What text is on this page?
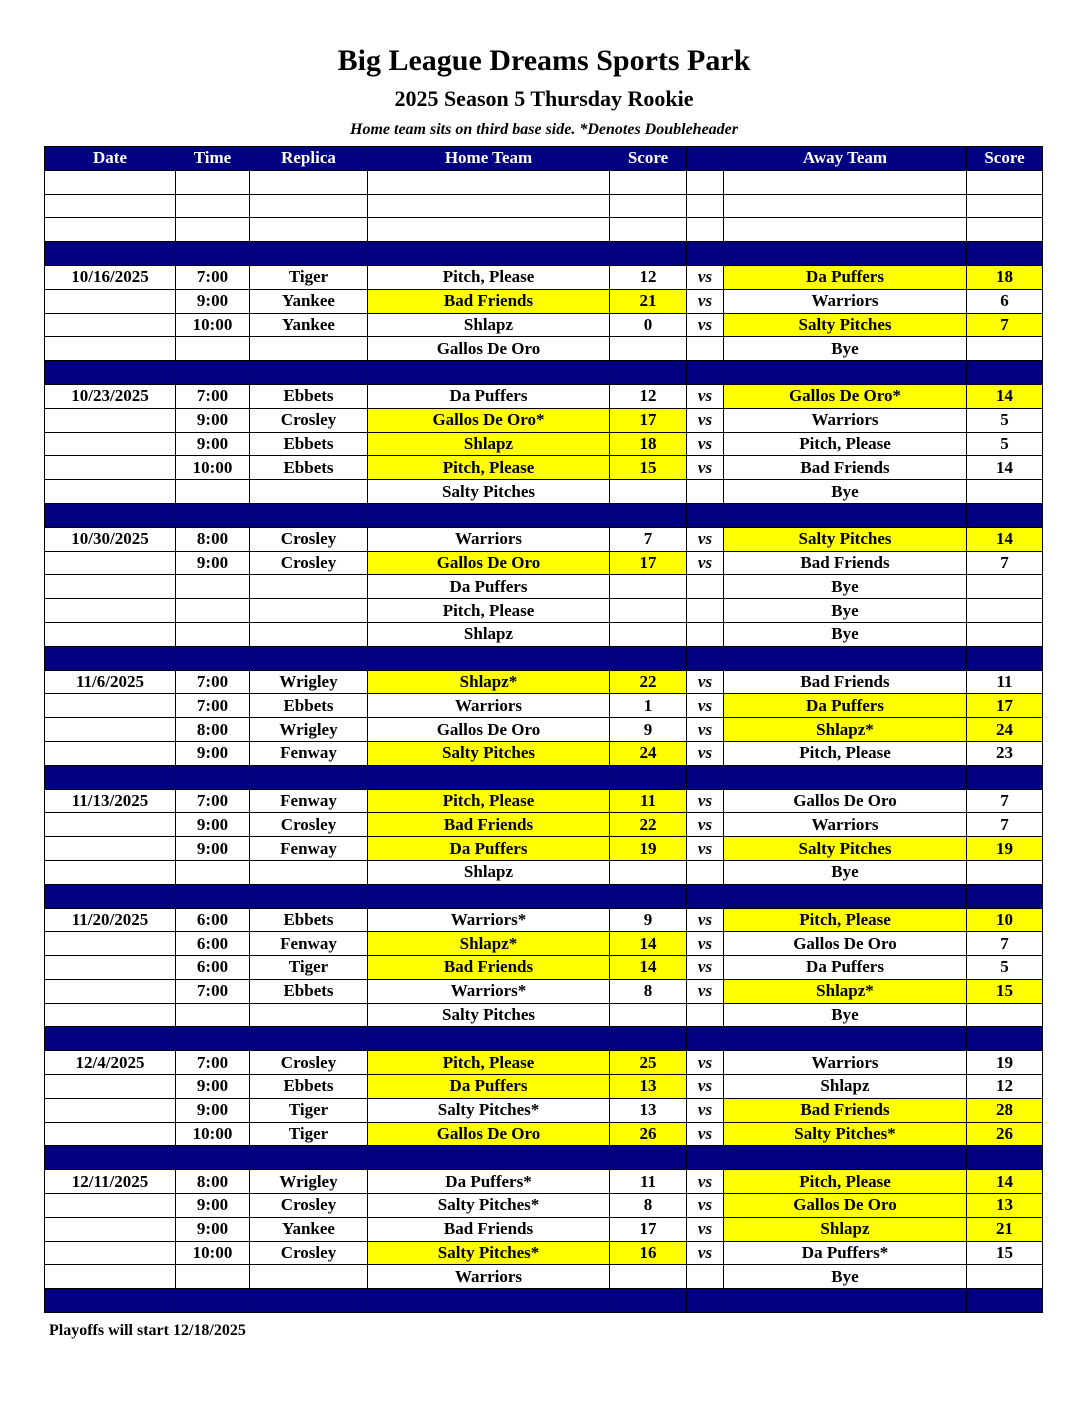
Big League Dreams Sports Park
2025 Season 5 Thursday Rookie
Home team sits on third base side. *Denotes Doubleheader
Date	Time	Replica	Home Team	Score		Away Team	Score

10/16/2025	7:00	Tiger	Pitch, Please	12	vs	Da Puffers	18
	9:00	Yankee	Bad Friends	21	vs	Warriors	6
	10:00	Yankee	Shlapz	0	vs	Salty Pitches	7
			Gallos De Oro			Bye	

10/23/2025	7:00	Ebbets	Da Puffers	12	vs	Gallos De Oro*	14
	9:00	Crosley	Gallos De Oro*	17	vs	Warriors	5
	9:00	Ebbets	Shlapz	18	vs	Pitch, Please	5
	10:00	Ebbets	Pitch, Please	15	vs	Bad Friends	14
			Salty Pitches			Bye	

10/30/2025	8:00	Crosley	Warriors	7	vs	Salty Pitches	14
	9:00	Crosley	Gallos De Oro	17	vs	Bad Friends	7
			Da Puffers			Bye	
			Pitch, Please			Bye	
			Shlapz			Bye	

11/6/2025	7:00	Wrigley	Shlapz*	22	vs	Bad Friends	11
	7:00	Ebbets	Warriors	1	vs	Da Puffers	17
	8:00	Wrigley	Gallos De Oro	9	vs	Shlapz*	24
	9:00	Fenway	Salty Pitches	24	vs	Pitch, Please	23

11/13/2025	7:00	Fenway	Pitch, Please	11	vs	Gallos De Oro	7
	9:00	Crosley	Bad Friends	22	vs	Warriors	7
	9:00	Fenway	Da Puffers	19	vs	Salty Pitches	19
			Shlapz			Bye	

11/20/2025	6:00	Ebbets	Warriors*	9	vs	Pitch, Please	10
	6:00	Fenway	Shlapz*	14	vs	Gallos De Oro	7
	6:00	Tiger	Bad Friends	14	vs	Da Puffers	5
	7:00	Ebbets	Warriors*	8	vs	Shlapz*	15
			Salty Pitches			Bye	

12/4/2025	7:00	Crosley	Pitch, Please	25	vs	Warriors	19
	9:00	Ebbets	Da Puffers	13	vs	Shlapz	12
	9:00	Tiger	Salty Pitches*	13	vs	Bad Friends	28
	10:00	Tiger	Gallos De Oro	26	vs	Salty Pitches*	26

12/11/2025	8:00	Wrigley	Da Puffers*	11	vs	Pitch, Please	14
	9:00	Crosley	Salty Pitches*	8	vs	Gallos De Oro	13
	9:00	Yankee	Bad Friends	17	vs	Shlapz	21
	10:00	Crosley	Salty Pitches*	16	vs	Da Puffers*	15
			Warriors			Bye	

Playoffs will start 12/18/2025
